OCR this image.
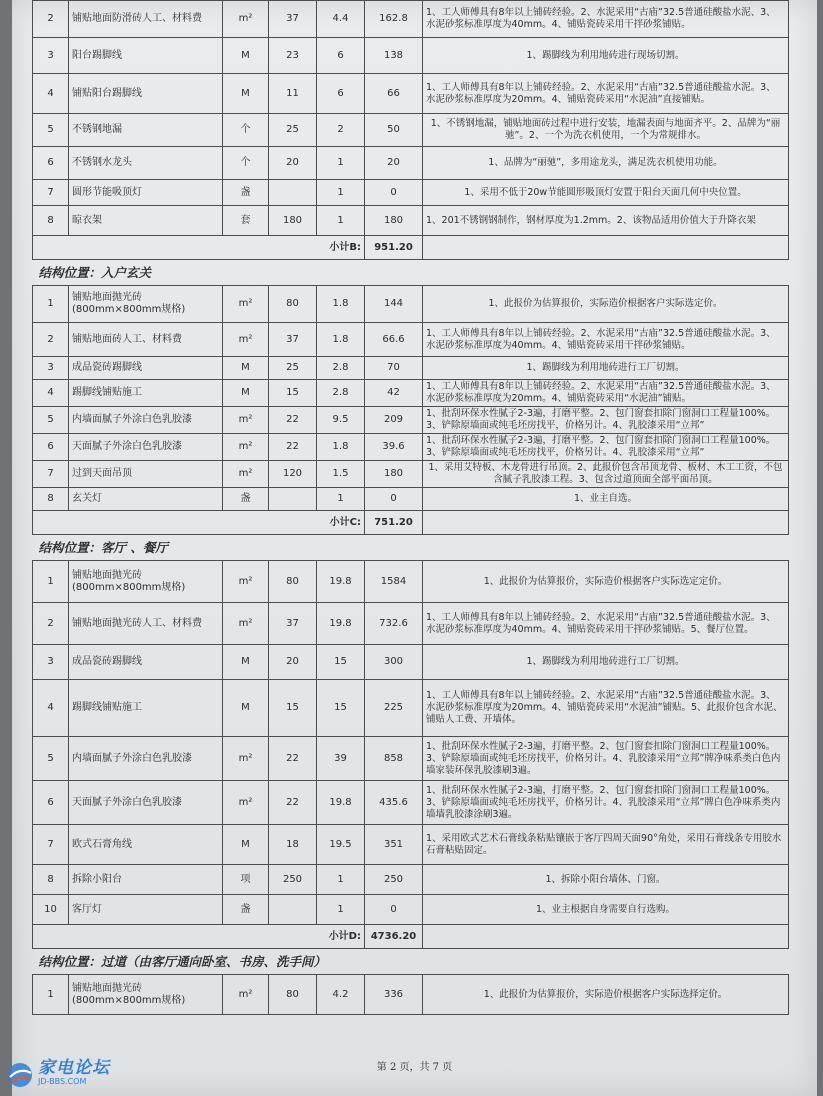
2	铺贴地面防滑砖人工、材料费	m²	37	4.4	162.8	1、工人师傅具有8年以上铺砖经验。2、水泥采用“古庙”32.5普通硅酸盐水泥、3、水泥砂浆标准厚度为40mm。4、铺贴瓷砖采用干拌砂浆铺贴。
3	阳台踢脚线	M	23	6	138	1、踢脚线为利用地砖进行现场切割。
4	铺贴阳台踢脚线	M	11	6	66	1、工人师傅具有8年以上铺砖经验。2、水泥采用“古庙”32.5普通硅酸盐水泥。3、水泥砂浆标准厚度为20mm。4、铺贴瓷砖采用“水泥油”直接铺贴。
5	不锈钢地漏	个	25	2	50	1、不锈钢地漏，铺贴地面砖过程中进行安装，地漏表面与地面齐平。2、品牌为“丽驰”。2、一个为洗衣机使用，一个为常规排水。
6	不锈钢水龙头	个	20	1	20	1、品牌为“丽驰”，多用途龙头，满足洗衣机使用功能。
7	圆形节能吸顶灯	盏		1	0	1、采用不低于20w节能圆形吸顶灯安置于阳台天面几何中央位置。
8	晾衣架	套	180	1	180	1、201不锈钢钢制作，钢材厚度为1.2mm。2、该物品适用价值大于升降衣架
小计B:					951.20	
结构位置：入户玄关						
1	铺贴地面抛光砖(800mm×800mm规格)	m²	80	1.8	144	1、此报价为估算报价，实际造价根据客户实际选定价。
2	铺贴地面砖人工、材料费	m²	37	1.8	66.6	1、工人师傅具有8年以上铺砖经验。2、水泥采用“古庙”32.5普通硅酸盐水泥。3、水泥砂浆标准厚度为40mm。4、铺贴瓷砖采用干拌砂浆铺贴。
3	成品瓷砖踢脚线	M	25	2.8	70	1、踢脚线为利用地砖进行工厂切割。
4	踢脚线铺贴施工	M	15	2.8	42	1、工人师傅具有8年以上铺砖经验。2、水泥采用“古庙”32.5普通硅酸盐水泥。3、水泥砂浆标准厚度为20mm。4、铺贴瓷砖采用“水泥油”铺贴。
5	内墙面腻子外涂白色乳胶漆	m²	22	9.5	209	1、批刮环保水性腻子2-3遍，打磨平整。2、包门窗套扣除门窗洞口工程量100%。3、铲除原墙面或纯毛坯房找平，价格另计。4、乳胶漆采用“立邦”
6	天面腻子外涂白色乳胶漆	m²	22	1.8	39.6	1、批刮环保水性腻子2-3遍，打磨平整。2、包门窗套扣除门窗洞口工程量100%。3、铲除原墙面或纯毛坯房找平，价格另计。4、乳胶漆采用“立邦”
7	过到天面吊顶	m²	120	1.5	180	1、采用艾特板、木龙骨进行吊顶。2、此报价包含吊顶龙骨、板材、木工工资，不包含腻子乳胶漆工程。3、包含过道顶面全部平面吊顶。
8	玄关灯	盏		1	0	1、业主自选。
小计C:					751.20	
结构位置：客厅 、餐厅						
1	铺贴地面抛光砖(800mm×800mm规格)	m²	80	19.8	1584	1、此报价为估算报价，实际造价根据客户实际选定定价。
2	铺贴地面抛光砖人工、材料费	m²	37	19.8	732.6	1、工人师傅具有8年以上铺砖经验。2、水泥采用“古庙”32.5普通硅酸盐水泥。3、水泥砂浆标准厚度为40mm。4、铺贴瓷砖采用干拌砂浆铺贴。5、餐厅位置。
3	成品瓷砖踢脚线	M	20	15	300	1、踢脚线为利用地砖进行工厂切割。
4	踢脚线铺贴施工	M	15	15	225	1、工人师傅具有8年以上铺砖经验。2、水泥采用“古庙”32.5普通硅酸盐水泥。3、水泥砂浆标准厚度为20mm。4、铺贴瓷砖采用“水泥油”铺贴。5、此报价包含水泥、铺贴人工费、开墙体。
5	内墙面腻子外涂白色乳胶漆	m²	22	39	858	1、批刮环保水性腻子2-3遍，打磨平整。2、包门窗套扣除门窗洞口工程量100%。3、铲除原墙面或纯毛坯房找平，价格另计。4、乳胶漆采用“立邦”牌净味系类白色内墙家装环保乳胶漆刷3遍。
6	天面腻子外涂白色乳胶漆	m²	22	19.8	435.6	1、批刮环保水性腻子2-3遍，打磨平整。2、包门窗套扣除门窗洞口工程量100%。3、铲除原墙面或纯毛坯房找平，价格另计。4、乳胶漆采用“立邦”牌白色净味系类内墙墙乳胶漆涂刷3遍。
7	欧式石膏角线	M	18	19.5	351	1、采用欧式艺术石膏线条粘贴镶嵌于客厅四周天面90°角处，采用石膏线条专用胶水石膏粘贴固定。
8	拆除小阳台	项	250	1	250	1、拆除小阳台墙体、门窗。
10	客厅灯	盏		1	0	1、业主根据自身需要自行选购。
小计D:					4736.20	
结构位置：过道（由客厅通向卧室、书房、洗手间）						
1	铺贴地面抛光砖(800mm×800mm规格)	m²	80	4.2	336	1、此报价为估算报价，实际造价根据客户实际选择定价。
第 2 页，共 7 页
家电论坛
JD-BBS.COM
